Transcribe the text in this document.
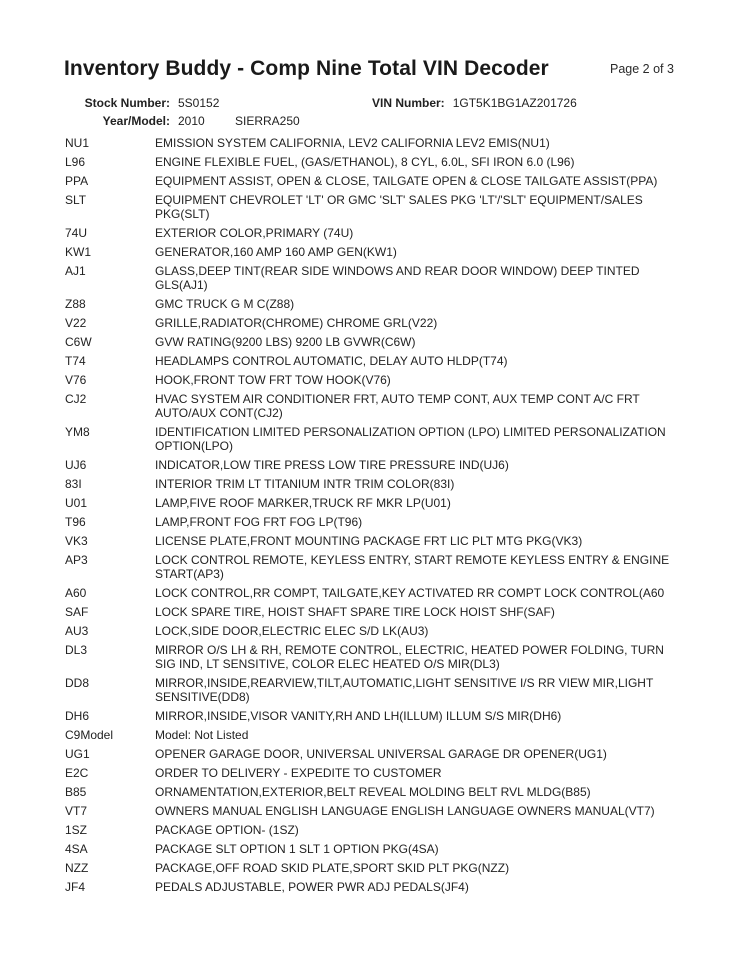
Inventory Buddy - Comp Nine Total VIN Decoder	Page 2 of 3
Stock Number: 5S0152	VIN Number: 1GT5K1BG1AZ201726
Year/Model: 2010	SIERRA250
NU1	EMISSION SYSTEM CALIFORNIA, LEV2 CALIFORNIA LEV2 EMIS(NU1)
L96	ENGINE FLEXIBLE FUEL, (GAS/ETHANOL), 8 CYL, 6.0L, SFI IRON 6.0 (L96)
PPA	EQUIPMENT ASSIST, OPEN & CLOSE, TAILGATE OPEN & CLOSE TAILGATE ASSIST(PPA)
SLT	EQUIPMENT CHEVROLET 'LT' OR GMC 'SLT' SALES PKG 'LT'/'SLT' EQUIPMENT/SALES PKG(SLT)
74U	EXTERIOR COLOR,PRIMARY (74U)
KW1	GENERATOR,160 AMP 160 AMP GEN(KW1)
AJ1	GLASS,DEEP TINT(REAR SIDE WINDOWS AND REAR DOOR WINDOW) DEEP TINTED GLS(AJ1)
Z88	GMC TRUCK G M C(Z88)
V22	GRILLE,RADIATOR(CHROME) CHROME GRL(V22)
C6W	GVW RATING(9200 LBS) 9200 LB GVWR(C6W)
T74	HEADLAMPS CONTROL AUTOMATIC, DELAY AUTO HLDP(T74)
V76	HOOK,FRONT TOW FRT TOW HOOK(V76)
CJ2	HVAC SYSTEM AIR CONDITIONER FRT, AUTO TEMP CONT, AUX TEMP CONT A/C FRT AUTO/AUX CONT(CJ2)
YM8	IDENTIFICATION LIMITED PERSONALIZATION OPTION (LPO) LIMITED PERSONALIZATION OPTION(LPO)
UJ6	INDICATOR,LOW TIRE PRESS LOW TIRE PRESSURE IND(UJ6)
83I	INTERIOR TRIM LT TITANIUM INTR TRIM COLOR(83I)
U01	LAMP,FIVE ROOF MARKER,TRUCK RF MKR LP(U01)
T96	LAMP,FRONT FOG FRT FOG LP(T96)
VK3	LICENSE PLATE,FRONT MOUNTING PACKAGE FRT LIC PLT MTG PKG(VK3)
AP3	LOCK CONTROL REMOTE, KEYLESS ENTRY, START REMOTE KEYLESS ENTRY & ENGINE START(AP3)
A60	LOCK CONTROL,RR COMPT, TAILGATE,KEY ACTIVATED RR COMPT LOCK CONTROL(A60
SAF	LOCK SPARE TIRE, HOIST SHAFT SPARE TIRE LOCK HOIST SHF(SAF)
AU3	LOCK,SIDE DOOR,ELECTRIC ELEC S/D LK(AU3)
DL3	MIRROR O/S LH & RH, REMOTE CONTROL, ELECTRIC, HEATED POWER FOLDING, TURN SIG IND, LT SENSITIVE, COLOR ELEC HEATED O/S MIR(DL3)
DD8	MIRROR,INSIDE,REARVIEW,TILT,AUTOMATIC,LIGHT SENSITIVE I/S RR VIEW MIR,LIGHT SENSITIVE(DD8)
DH6	MIRROR,INSIDE,VISOR VANITY,RH AND LH(ILLUM) ILLUM S/S MIR(DH6)
C9Model	Model: Not Listed
UG1	OPENER GARAGE DOOR, UNIVERSAL UNIVERSAL GARAGE DR OPENER(UG1)
E2C	ORDER TO DELIVERY - EXPEDITE TO CUSTOMER
B85	ORNAMENTATION,EXTERIOR,BELT REVEAL MOLDING BELT RVL MLDG(B85)
VT7	OWNERS MANUAL ENGLISH LANGUAGE ENGLISH LANGUAGE OWNERS MANUAL(VT7)
1SZ	PACKAGE OPTION- (1SZ)
4SA	PACKAGE SLT OPTION 1 SLT 1 OPTION PKG(4SA)
NZZ	PACKAGE,OFF ROAD SKID PLATE,SPORT SKID PLT PKG(NZZ)
JF4	PEDALS ADJUSTABLE, POWER PWR ADJ PEDALS(JF4)
